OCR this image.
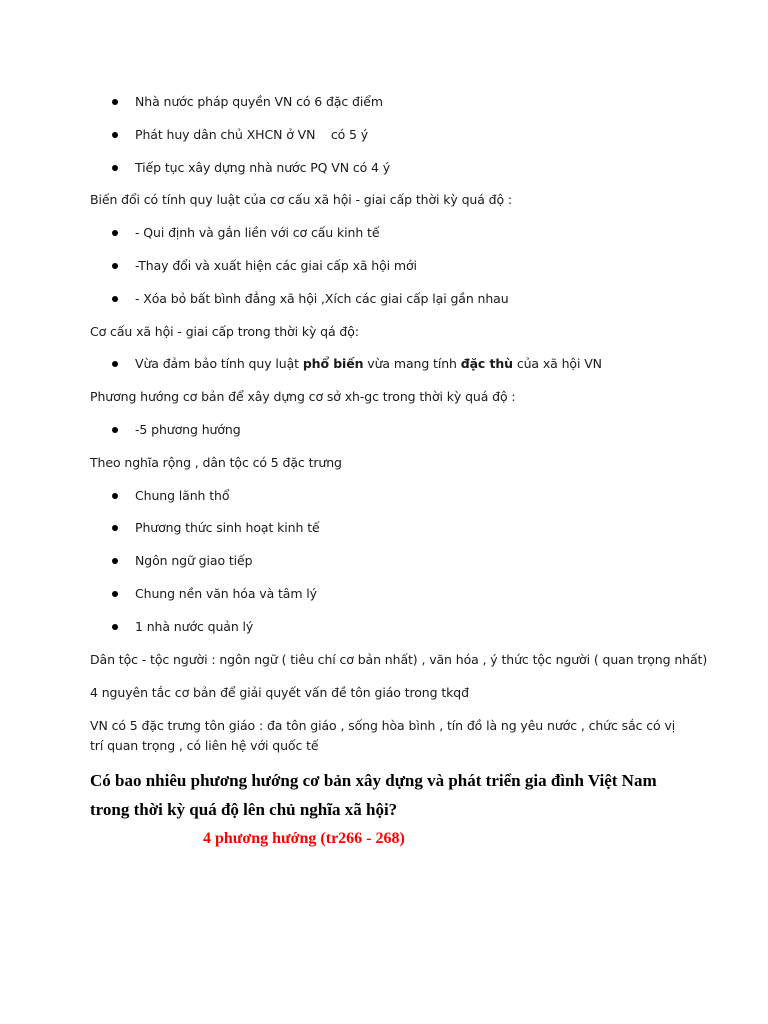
Nhà nước pháp quyền VN có 6 đặc điểm
Phát huy dân chủ XHCN ở VN    có 5 ý
Tiếp tục xây dựng nhà nước PQ VN có 4 ý
Biến đổi có tính quy luật của cơ cấu xã hội - giai cấp thời kỳ quá độ :
- Qui định và gắn liền với cơ cấu kinh tế
-Thay đổi và xuất hiện các giai cấp xã hội mới
- Xóa bỏ bất bình đẳng xã hội ,Xích các giai cấp lại gần nhau
Cơ cấu xã hội - giai cấp trong thời kỳ qá độ:
Vừa đảm bảo tính quy luật phổ biến vừa mang tính đặc thù của xã hội VN
Phương hướng cơ bản để xây dựng cơ sở xh-gc trong thời kỳ quá độ :
-5 phương hướng
Theo nghĩa rộng , dân tộc có 5 đặc trưng
Chung lãnh thổ
Phương thức sinh hoạt kinh tế
Ngôn ngữ giao tiếp
Chung nền văn hóa và tâm lý
1 nhà nước quản lý
Dân tộc - tộc người : ngôn ngữ ( tiêu chí cơ bản nhất) , văn hóa , ý thức tộc người ( quan trọng nhất)
4 nguyên tắc cơ bản để giải quyết vấn đề tôn giáo trong tkqđ
VN có 5 đặc trưng tôn giáo : đa tôn giáo , sống hòa bình , tín đồ là ng yêu nước , chức sắc có vị trí quan trọng , có liên hệ với quốc tế
Có bao nhiêu phương hướng cơ bản xây dựng và phát triển gia đình Việt Nam trong thời kỳ quá độ lên chủ nghĩa xã hội?
4 phương hướng (tr266 - 268)
